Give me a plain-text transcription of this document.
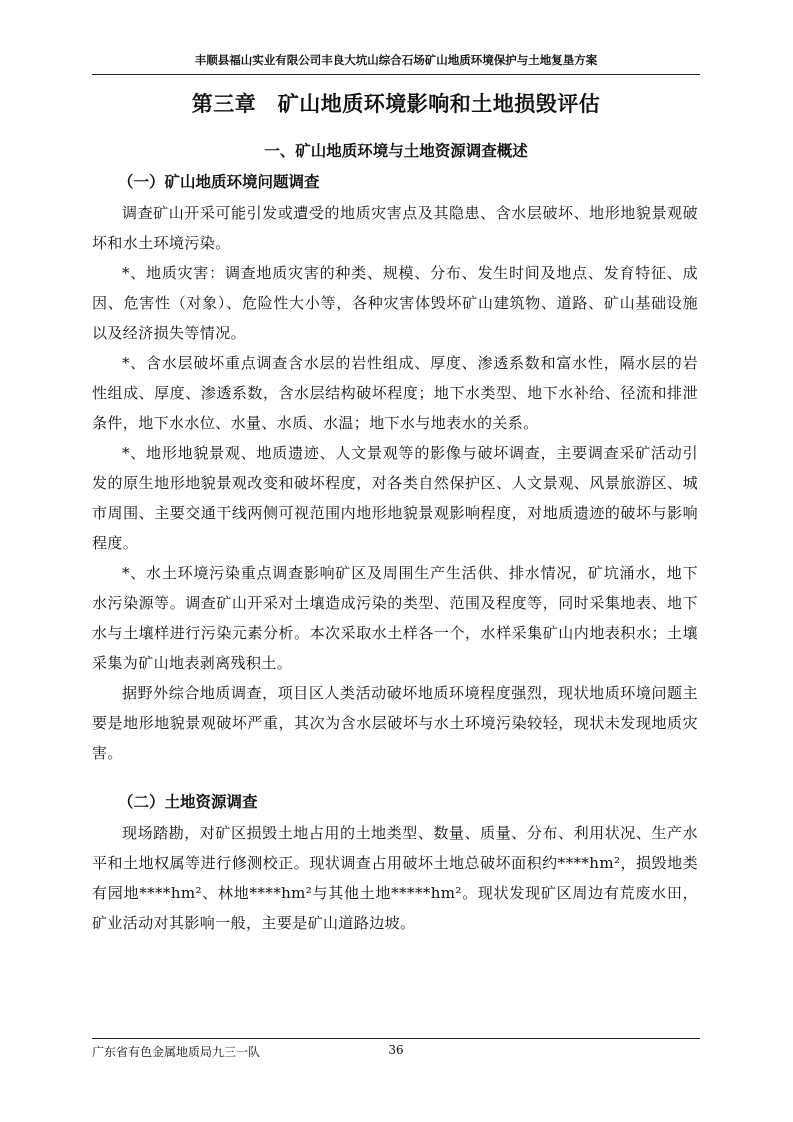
丰顺县福山实业有限公司丰良大坑山综合石场矿山地质环境保护与土地复垦方案
第三章　矿山地质环境影响和土地损毁评估
一、矿山地质环境与土地资源调查概述
（一）矿山地质环境问题调查
调查矿山开采可能引发或遭受的地质灾害点及其隐患、含水层破坏、地形地貌景观破坏和水土环境污染。
*、地质灾害：调查地质灾害的种类、规模、分布、发生时间及地点、发育特征、成因、危害性（对象）、危险性大小等，各种灾害体毁坏矿山建筑物、道路、矿山基础设施以及经济损失等情况。
*、含水层破坏重点调查含水层的岩性组成、厚度、渗透系数和富水性，隔水层的岩性组成、厚度、渗透系数，含水层结构破坏程度；地下水类型、地下水补给、径流和排泄条件，地下水水位、水量、水质、水温；地下水与地表水的关系。
*、地形地貌景观、地质遗迹、人文景观等的影像与破坏调查，主要调查采矿活动引发的原生地形地貌景观改变和破坏程度，对各类自然保护区、人文景观、风景旅游区、城市周围、主要交通干线两侧可视范围内地形地貌景观影响程度，对地质遗迹的破坏与影响程度。
*、水土环境污染重点调查影响矿区及周围生产生活供、排水情况，矿坑涌水，地下水污染源等。调查矿山开采对土壤造成污染的类型、范围及程度等，同时采集地表、地下水与土壤样进行污染元素分析。本次采取水土样各一个，水样采集矿山内地表积水；土壤采集为矿山地表剥离残积土。
据野外综合地质调查，项目区人类活动破坏地质环境程度强烈，现状地质环境问题主要是地形地貌景观破坏严重，其次为含水层破坏与水土环境污染较轻，现状未发现地质灾害。
（二）土地资源调查
现场踏勘，对矿区损毁土地占用的土地类型、数量、质量、分布、利用状况、生产水平和土地权属等进行修测校正。现状调查占用破坏土地总破坏面积约****hm²，损毁地类有园地****hm²、林地****hm²与其他土地*****hm²。现状发现矿区周边有荒废水田，矿业活动对其影响一般，主要是矿山道路边坡。
广东省有色金属地质局九三一队	36
